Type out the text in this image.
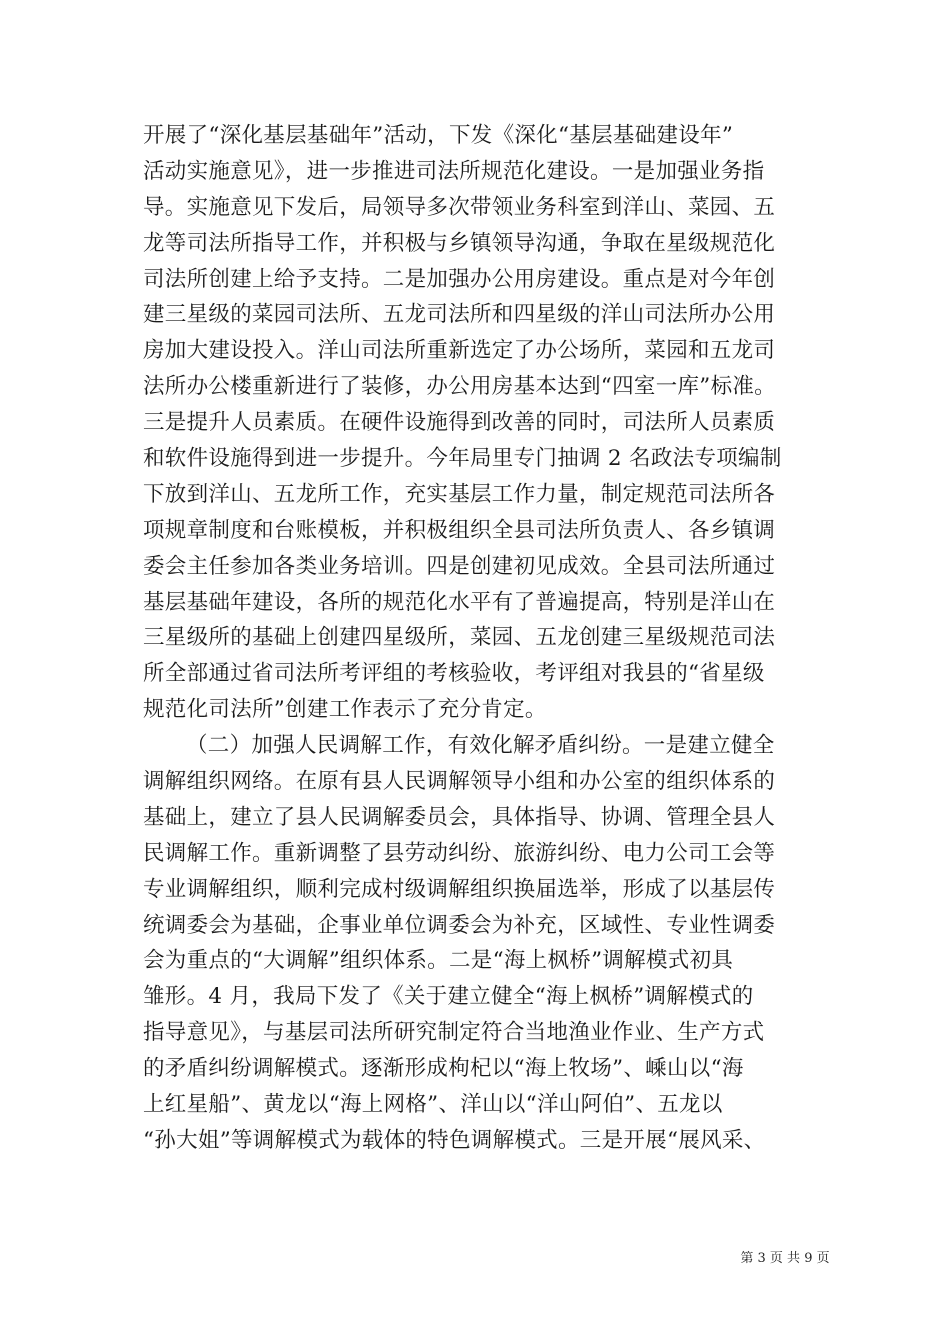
开展了“深化基层基础年”活动，下发《深化“基层基础建设年”
活动实施意见》，进一步推进司法所规范化建设。一是加强业务指
导。实施意见下发后，局领导多次带领业务科室到洋山、菜园、五
龙等司法所指导工作，并积极与乡镇领导沟通，争取在星级规范化
司法所创建上给予支持。二是加强办公用房建设。重点是对今年创
建三星级的菜园司法所、五龙司法所和四星级的洋山司法所办公用
房加大建设投入。洋山司法所重新选定了办公场所，菜园和五龙司
法所办公楼重新进行了装修，办公用房基本达到“四室一库”标准。
三是提升人员素质。在硬件设施得到改善的同时，司法所人员素质
和软件设施得到进一步提升。今年局里专门抽调 2 名政法专项编制
下放到洋山、五龙所工作，充实基层工作力量，制定规范司法所各
项规章制度和台账模板，并积极组织全县司法所负责人、各乡镇调
委会主任参加各类业务培训。四是创建初见成效。全县司法所通过
基层基础年建设，各所的规范化水平有了普遍提高，特别是洋山在
三星级所的基础上创建四星级所，菜园、五龙创建三星级规范司法
所全部通过省司法所考评组的考核验收，考评组对我县的“省星级
规范化司法所”创建工作表示了充分肯定。
（二）加强人民调解工作，有效化解矛盾纠纷。一是建立健全
调解组织网络。在原有县人民调解领导小组和办公室的组织体系的
基础上，建立了县人民调解委员会，具体指导、协调、管理全县人
民调解工作。重新调整了县劳动纠纷、旅游纠纷、电力公司工会等
专业调解组织，顺利完成村级调解组织换届选举，形成了以基层传
统调委会为基础，企事业单位调委会为补充，区域性、专业性调委
会为重点的“大调解”组织体系。二是“海上枫桥”调解模式初具
雏形。4 月，我局下发了《关于建立健全“海上枫桥”调解模式的
指导意见》，与基层司法所研究制定符合当地渔业作业、生产方式
的矛盾纠纷调解模式。逐渐形成枸杞以“海上牧场”、嵊山以“海
上红星船”、黄龙以“海上网格”、洋山以“洋山阿伯”、五龙以
“孙大姐”等调解模式为载体的特色调解模式。三是开展“展风采、
第 3 页 共 9 页
